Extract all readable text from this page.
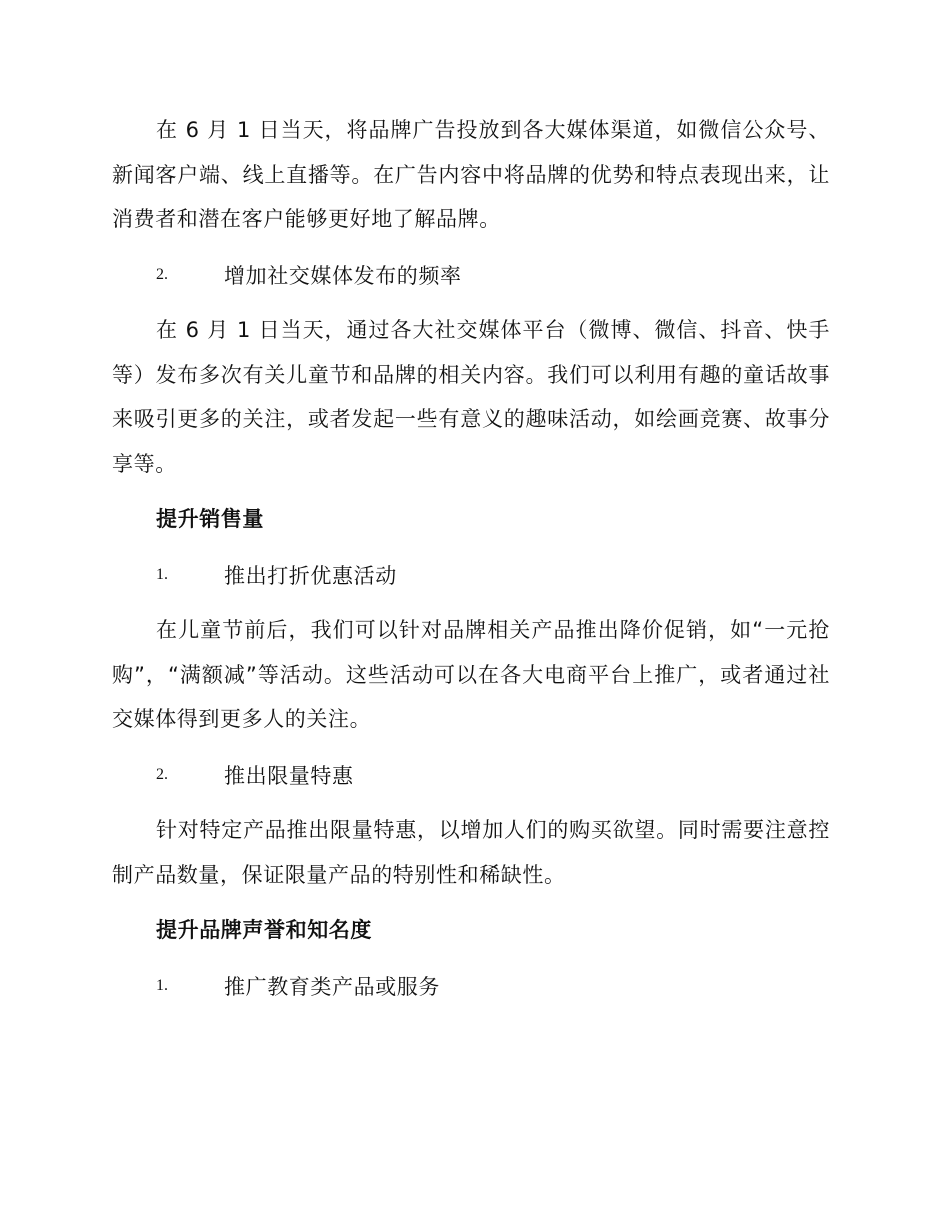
在 6 月 1 日当天，将品牌广告投放到各大媒体渠道，如微信公众号、新闻客户端、线上直播等。在广告内容中将品牌的优势和特点表现出来，让消费者和潜在客户能够更好地了解品牌。

2.	增加社交媒体发布的频率

在 6 月 1 日当天，通过各大社交媒体平台（微博、微信、抖音、快手等）发布多次有关儿童节和品牌的相关内容。我们可以利用有趣的童话故事来吸引更多的关注，或者发起一些有意义的趣味活动，如绘画竞赛、故事分享等。

提升销售量
1.	推出打折优惠活动

在儿童节前后，我们可以针对品牌相关产品推出降价促销，如“一元抢购”，“满额减”等活动。这些活动可以在各大电商平台上推广，或者通过社交媒体得到更多人的关注。

2.	推出限量特惠

针对特定产品推出限量特惠，以增加人们的购买欲望。同时需要注意控制产品数量，保证限量产品的特别性和稀缺性。

提升品牌声誉和知名度
1.	推广教育类产品或服务
